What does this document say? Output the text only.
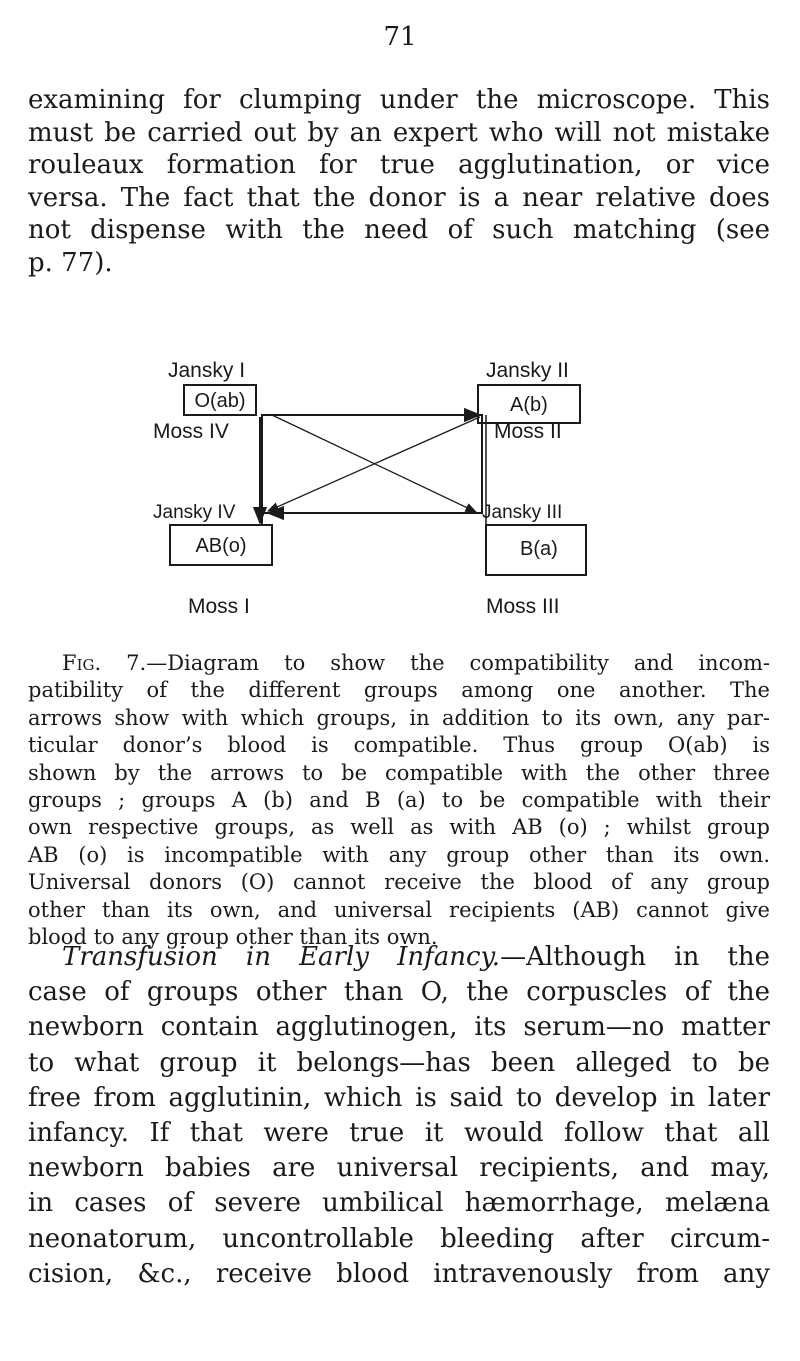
71
examining for clumping under the microscope. This
must be carried out by an expert who will not mistake
rouleaux formation for true agglutination, or vice
versa. The fact that the donor is a near relative does
not dispense with the need of such matching (see
p. 77).
Jansky I	Jansky II
Moss IV	Moss II
Jansky IV	Jansky III
Moss I	Moss III
O(ab)	A(b)
AB(o)	B(a)
Fig. 7.—Diagram to show the compatibility and incom-
patibility of the different groups among one another. The
arrows show with which groups, in addition to its own, any par-
ticular donor’s blood is compatible. Thus group O(ab) is
shown by the arrows to be compatible with the other three
groups ; groups A (b) and B (a) to be compatible with their
own respective groups, as well as with AB (o) ; whilst group
AB (o) is incompatible with any group other than its own.
Universal donors (O) cannot receive the blood of any group
other than its own, and universal recipients (AB) cannot give
blood to any group other than its own.
Transfusion in Early Infancy.—Although in the
case of groups other than O, the corpuscles of the
newborn contain agglutinogen, its serum—no matter
to what group it belongs—has been alleged to be
free from agglutinin, which is said to develop in later
infancy. If that were true it would follow that all
newborn babies are universal recipients, and may,
in cases of severe umbilical hæmorrhage, melæna
neonatorum, uncontrollable bleeding after circum-
cision, &c., receive blood intravenously from any
